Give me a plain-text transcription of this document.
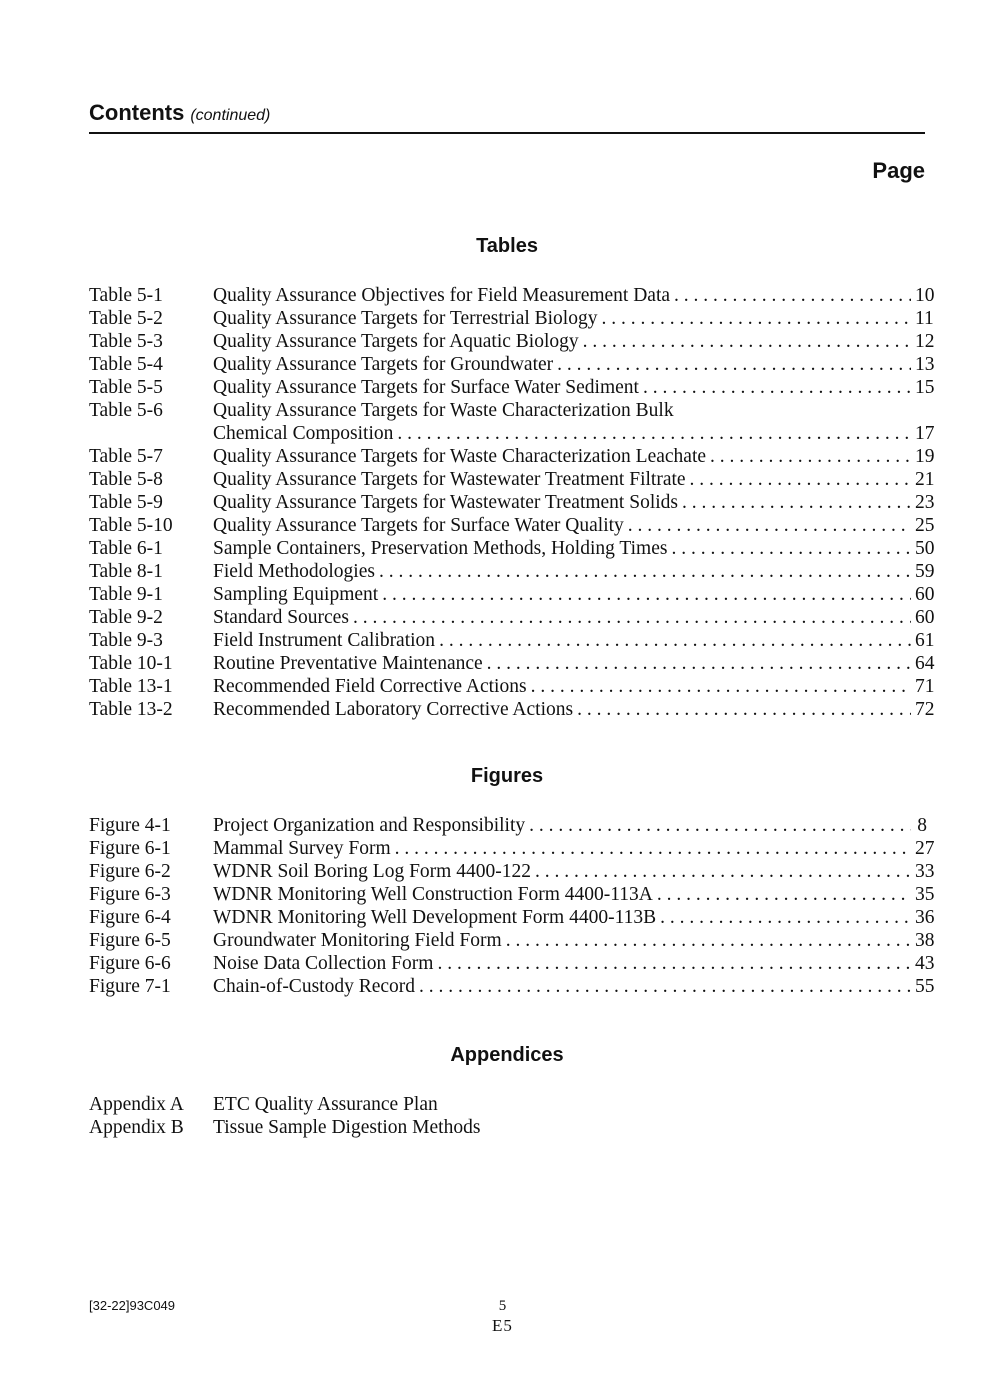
Contents (continued)
Page
Tables
Table 5-1	Quality Assurance Objectives for Field Measurement Data . . .	10
Table 5-2	Quality Assurance Targets for Terrestrial Biology . . .	11
Table 5-3	Quality Assurance Targets for Aquatic Biology . . .	12
Table 5-4	Quality Assurance Targets for Groundwater . . .	13
Table 5-5	Quality Assurance Targets for Surface Water Sediment . . .	15
Table 5-6	Quality Assurance Targets for Waste Characterization Bulk
Chemical Composition . . .	17
Table 5-7	Quality Assurance Targets for Waste Characterization Leachate . . .	19
Table 5-8	Quality Assurance Targets for Wastewater Treatment Filtrate . . .	21
Table 5-9	Quality Assurance Targets for Wastewater Treatment Solids . . .	23
Table 5-10	Quality Assurance Targets for Surface Water Quality . . .	25
Table 6-1	Sample Containers, Preservation Methods, Holding Times . . .	50
Table 8-1	Field Methodologies . . .	59
Table 9-1	Sampling Equipment . . .	60
Table 9-2	Standard Sources . . .	60
Table 9-3	Field Instrument Calibration . . .	61
Table 10-1	Routine Preventative Maintenance . . .	64
Table 13-1	Recommended Field Corrective Actions . . .	71
Table 13-2	Recommended Laboratory Corrective Actions . . .	72
Figures
Figure 4-1	Project Organization and Responsibility . . .	8
Figure 6-1	Mammal Survey Form . . .	27
Figure 6-2	WDNR Soil Boring Log Form 4400-122 . . .	33
Figure 6-3	WDNR Monitoring Well Construction Form 4400-113A . . .	35
Figure 6-4	WDNR Monitoring Well Development Form 4400-113B . . .	36
Figure 6-5	Groundwater Monitoring Field Form . . .	38
Figure 6-6	Noise Data Collection Form . . .	43
Figure 7-1	Chain-of-Custody Record . . .	55
Appendices
Appendix A	ETC Quality Assurance Plan
Appendix B	Tissue Sample Digestion Methods
[32-22]93C049	5
E5
